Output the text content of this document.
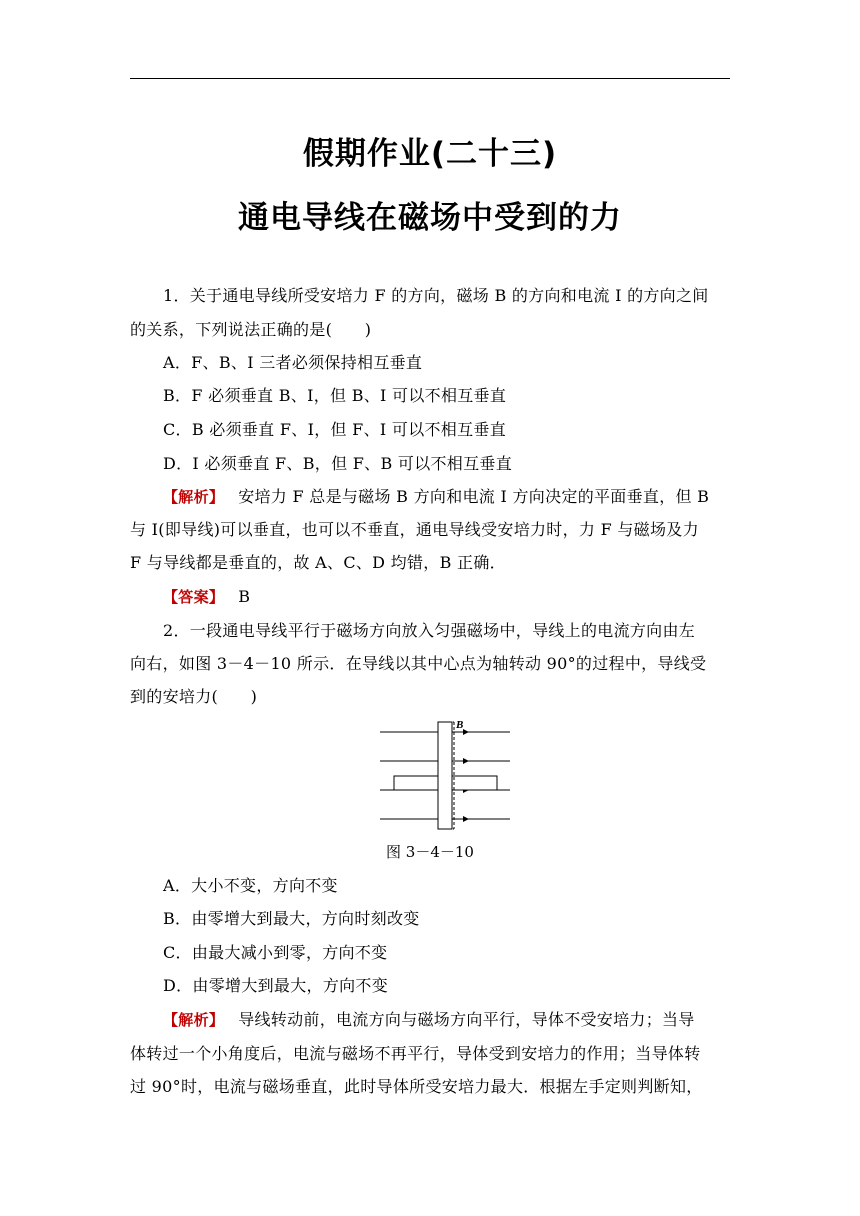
假期作业(二十三)
通电导线在磁场中受到的力
1．关于通电导线所受安培力 F 的方向，磁场 B 的方向和电流 I 的方向之间
的关系，下列说法正确的是(　　)
A．F、B、I 三者必须保持相互垂直
B．F 必须垂直 B、I，但 B、I 可以不相互垂直
C．B 必须垂直 F、I，但 F、I 可以不相互垂直
D．I 必须垂直 F、B，但 F、B 可以不相互垂直
【解析】 安培力 F 总是与磁场 B 方向和电流 I 方向决定的平面垂直，但 B
与 I(即导线)可以垂直，也可以不垂直，通电导线受安培力时，力 F 与磁场及力
F 与导线都是垂直的，故 A、C、D 均错，B 正确．
【答案】 B
2．一段通电导线平行于磁场方向放入匀强磁场中，导线上的电流方向由左
向右，如图 3－4－10 所示．在导线以其中心点为轴转动 90°的过程中，导线受
到的安培力(　　)
B
图 3－4－10
A．大小不变，方向不变
B．由零增大到最大，方向时刻改变
C．由最大减小到零，方向不变
D．由零增大到最大，方向不变
【解析】 导线转动前，电流方向与磁场方向平行，导体不受安培力；当导
体转过一个小角度后，电流与磁场不再平行，导体受到安培力的作用；当导体转
过 90°时，电流与磁场垂直，此时导体所受安培力最大．根据左手定则判断知，
